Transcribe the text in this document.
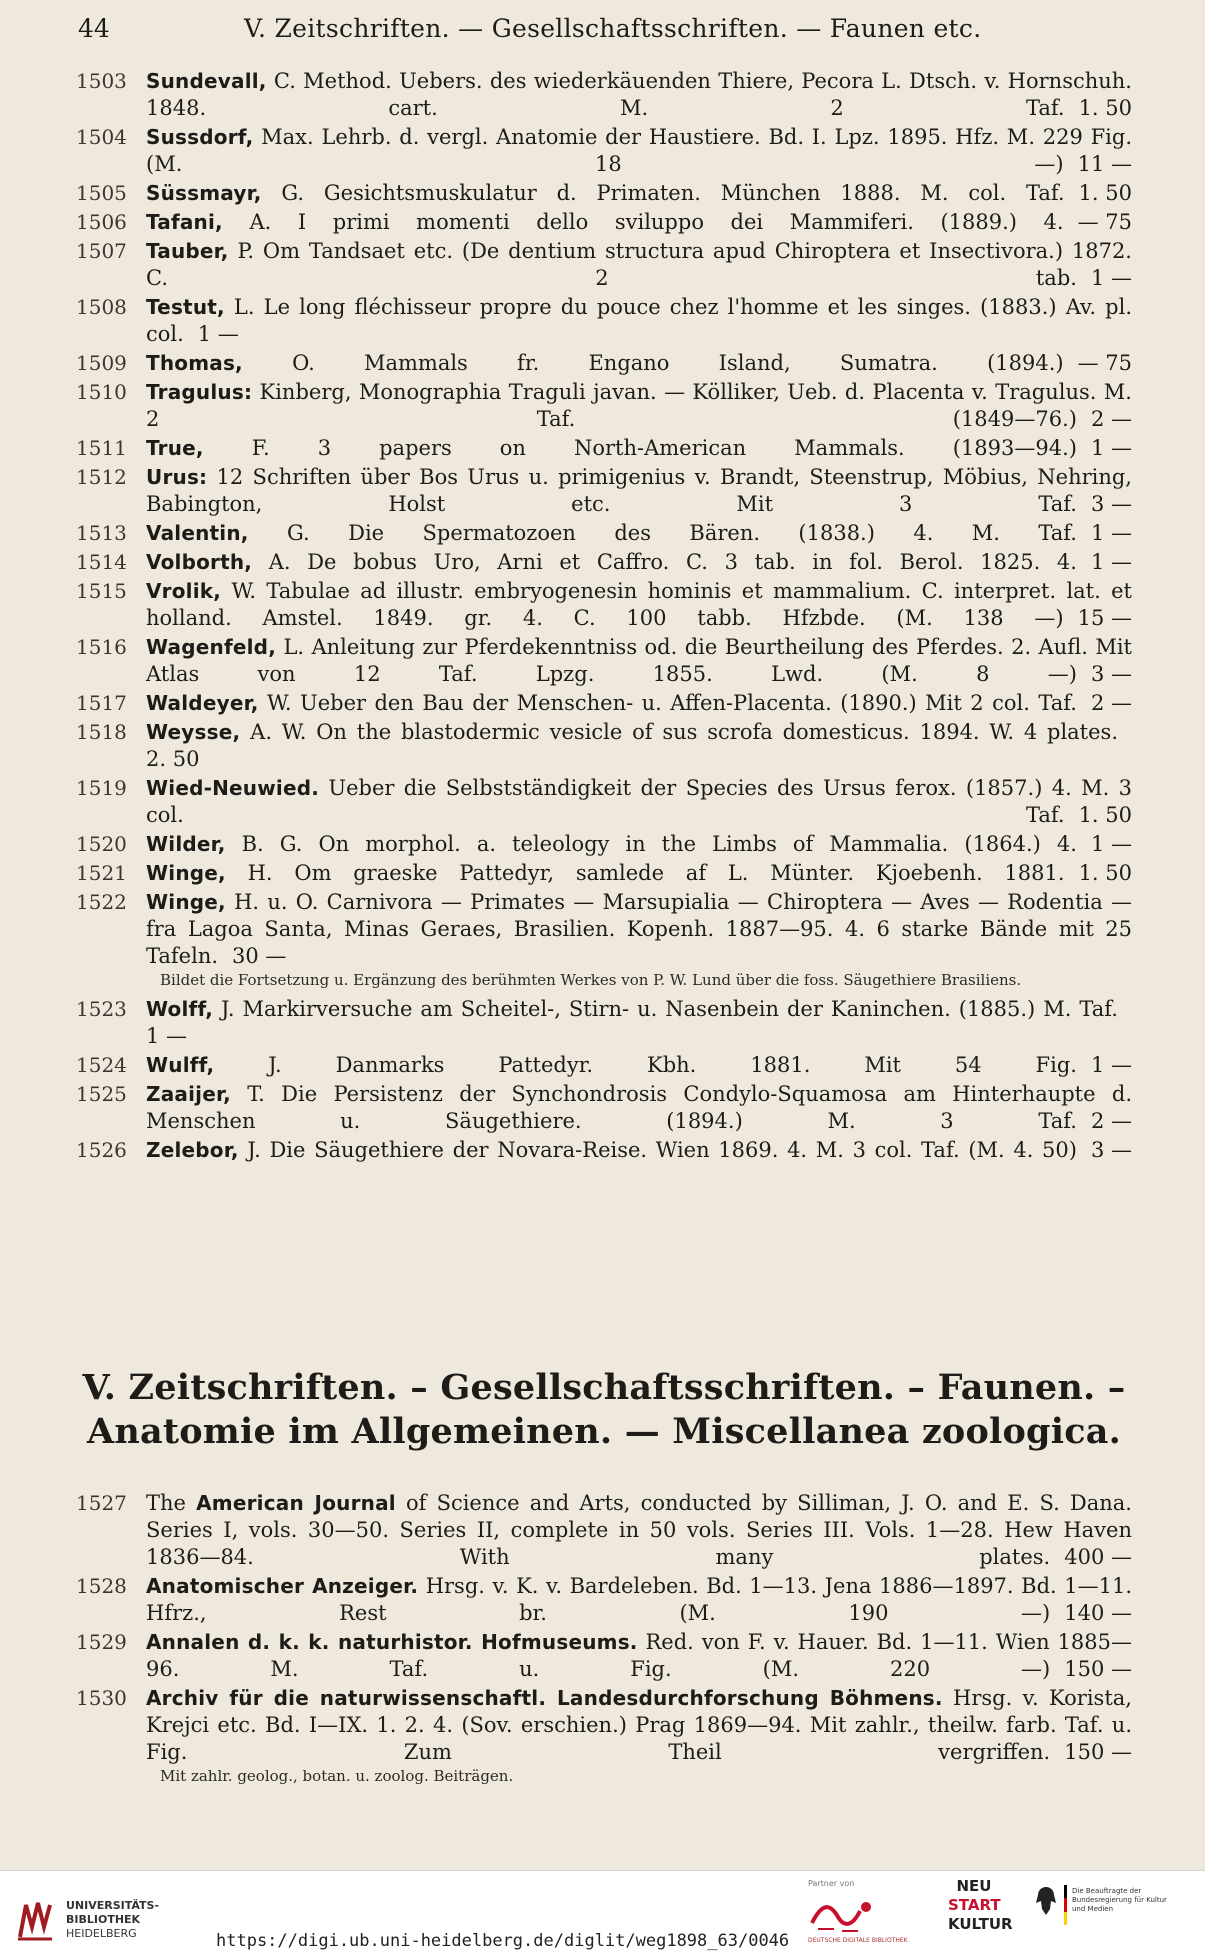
44	V. Zeitschriften. — Gesellschaftsschriften. — Faunen etc.
1503 Sundevall, C. Method. Uebers. des wiederkäuenden Thiere, Pecora L. Dtsch. v. Hornschuh. 1848. cart. M. 2 Taf. 1. 50
1504 Sussdorf, Max. Lehrb. d. vergl. Anatomie der Haustiere. Bd. I. Lpz. 1895. Hfz. M. 229 Fig. (M. 18 —) 11 —
1505 Süssmayr, G. Gesichtsmuskulatur d. Primaten. München 1888. M. col. Taf. 1. 50
1506 Tafani, A. I primi momenti dello sviluppo dei Mammiferi. (1889.) 4. — 75
1507 Tauber, P. Om Tandsaet etc. (De dentium structura apud Chiroptera et Insectivora.) 1872. C. 2 tab. 1 —
1508 Testut, L. Le long fléchisseur propre du pouce chez l'homme et les singes. (1883.) Av. pl. col. 1 —
1509 Thomas, O. Mammals fr. Engano Island, Sumatra. (1894.) — 75
1510 Tragulus: Kinberg, Monographia Traguli javan. — Kölliker, Ueb. d. Placenta v. Tragulus. M. 2 Taf. (1849—76.) 2 —
1511 True, F. 3 papers on North-American Mammals. (1893—94.) 1 —
1512 Urus: 12 Schriften über Bos Urus u. primigenius v. Brandt, Steenstrup, Möbius, Nehring, Babington, Holst etc. Mit 3 Taf. 3 —
1513 Valentin, G. Die Spermatozoen des Bären. (1838.) 4. M. Taf. 1 —
1514 Volborth, A. De bobus Uro, Arni et Caffro. C. 3 tab. in fol. Berol. 1825. 4. 1 —
1515 Vrolik, W. Tabulae ad illustr. embryogenesin hominis et mammalium. C. interpret. lat. et holland. Amstel. 1849. gr. 4. C. 100 tabb. Hfzbde. (M. 138 —) 15 —
1516 Wagenfeld, L. Anleitung zur Pferdekenntniss od. die Beurtheilung des Pferdes. 2. Aufl. Mit Atlas von 12 Taf. Lpzg. 1855. Lwd. (M. 8 —) 3 —
1517 Waldeyer, W. Ueber den Bau der Menschen- u. Affen-Placenta. (1890.) Mit 2 col. Taf. 2 —
1518 Weysse, A. W. On the blastodermic vesicle of sus scrofa domesticus. 1894. W. 4 plates.2. 50
1519 Wied-Neuwied. Ueber die Selbstständigkeit der Species des Ursus ferox. (1857.) 4. M. 3 col. Taf. 1. 50
1520 Wilder, B. G. On morphol. a. teleology in the Limbs of Mammalia. (1864.) 4. 1 —
1521 Winge, H. Om graeske Pattedyr, samlede af L. Münter. Kjoebenh. 1881. 1. 50
1522 Winge, H. u. O. Carnivora — Primates — Marsupialia — Chiroptera — Aves — Rodentia — fra Lagoa Santa, Minas Geraes, Brasilien. Kopenh. 1887—95. 4. 6 starke Bände mit 25 Tafeln. 30 —
Bildet die Fortsetzung u. Ergänzung des berühmten Werkes von P. W. Lund über die foss. Säugethiere Brasiliens.
1523 Wolff, J. Markirversuche am Scheitel-, Stirn- u. Nasenbein der Kaninchen. (1885.) M. Taf.1 —
1524 Wulff,	J. Danmarks Pattedyr. Kbh. 1881. Mit 54 Fig. 1 —
1525 Zaaijer, T. Die Persistenz der Synchondrosis Condylo-Squamosa am Hinterhaupte d. Menschen u. Säugethiere. (1894.) M. 3 Taf. 2 —
1526 Zelebor, J. Die Säugethiere der Novara-Reise. Wien 1869. 4. M. 3 col. Taf. (M. 4. 50) 3 —
V. Zeitschriften. – Gesellschaftsschriften. – Faunen. – Anatomie im Allgemeinen. — Miscellanea zoologica.
1527 The American Journal of Science and Arts, conducted by Silliman, J. O. and E. S. Dana. Series I, vols. 30—50. Series II, complete in 50 vols. Series III. Vols. 1—28. Hew Haven 1836—84. With many plates. 400 —
1528 Anatomischer Anzeiger. Hrsg. v. K. v. Bardeleben. Bd. 1—13. Jena 1886—1897. Bd. 1—11. Hfrz., Rest br. (M. 190 —) 140 —
1529 Annalen d. k. k. naturhistor. Hofmuseums. Red. von F. v. Hauer. Bd. 1—11. Wien 1885—96. M. Taf. u. Fig. (M. 220 —) 150 —
1530 Archiv für die naturwissenschaftl. Landesdurchforschung Böhmens. Hrsg. v. Korista, Krejci etc. Bd. I—IX. 1. 2. 4. (Sov. erschien.) Prag 1869—94. Mit zahlr., theilw. farb. Taf. u. Fig. Zum Theil vergriffen. 150 —
Mit zahlr. geolog., botan. u. zoolog. Beiträgen.
UNIVERSITÄTS-
BIBLIOTHEK
HEIDELBERG
Partner von
DEUTSCHE DIGITALE BIBLIOTHEK
NEU
START
KULTUR
Die Beauftragte der Bundesregierung für Kultur und Medien
https://digi.ub.uni-heidelberg.de/diglit/weg1898_63/0046
